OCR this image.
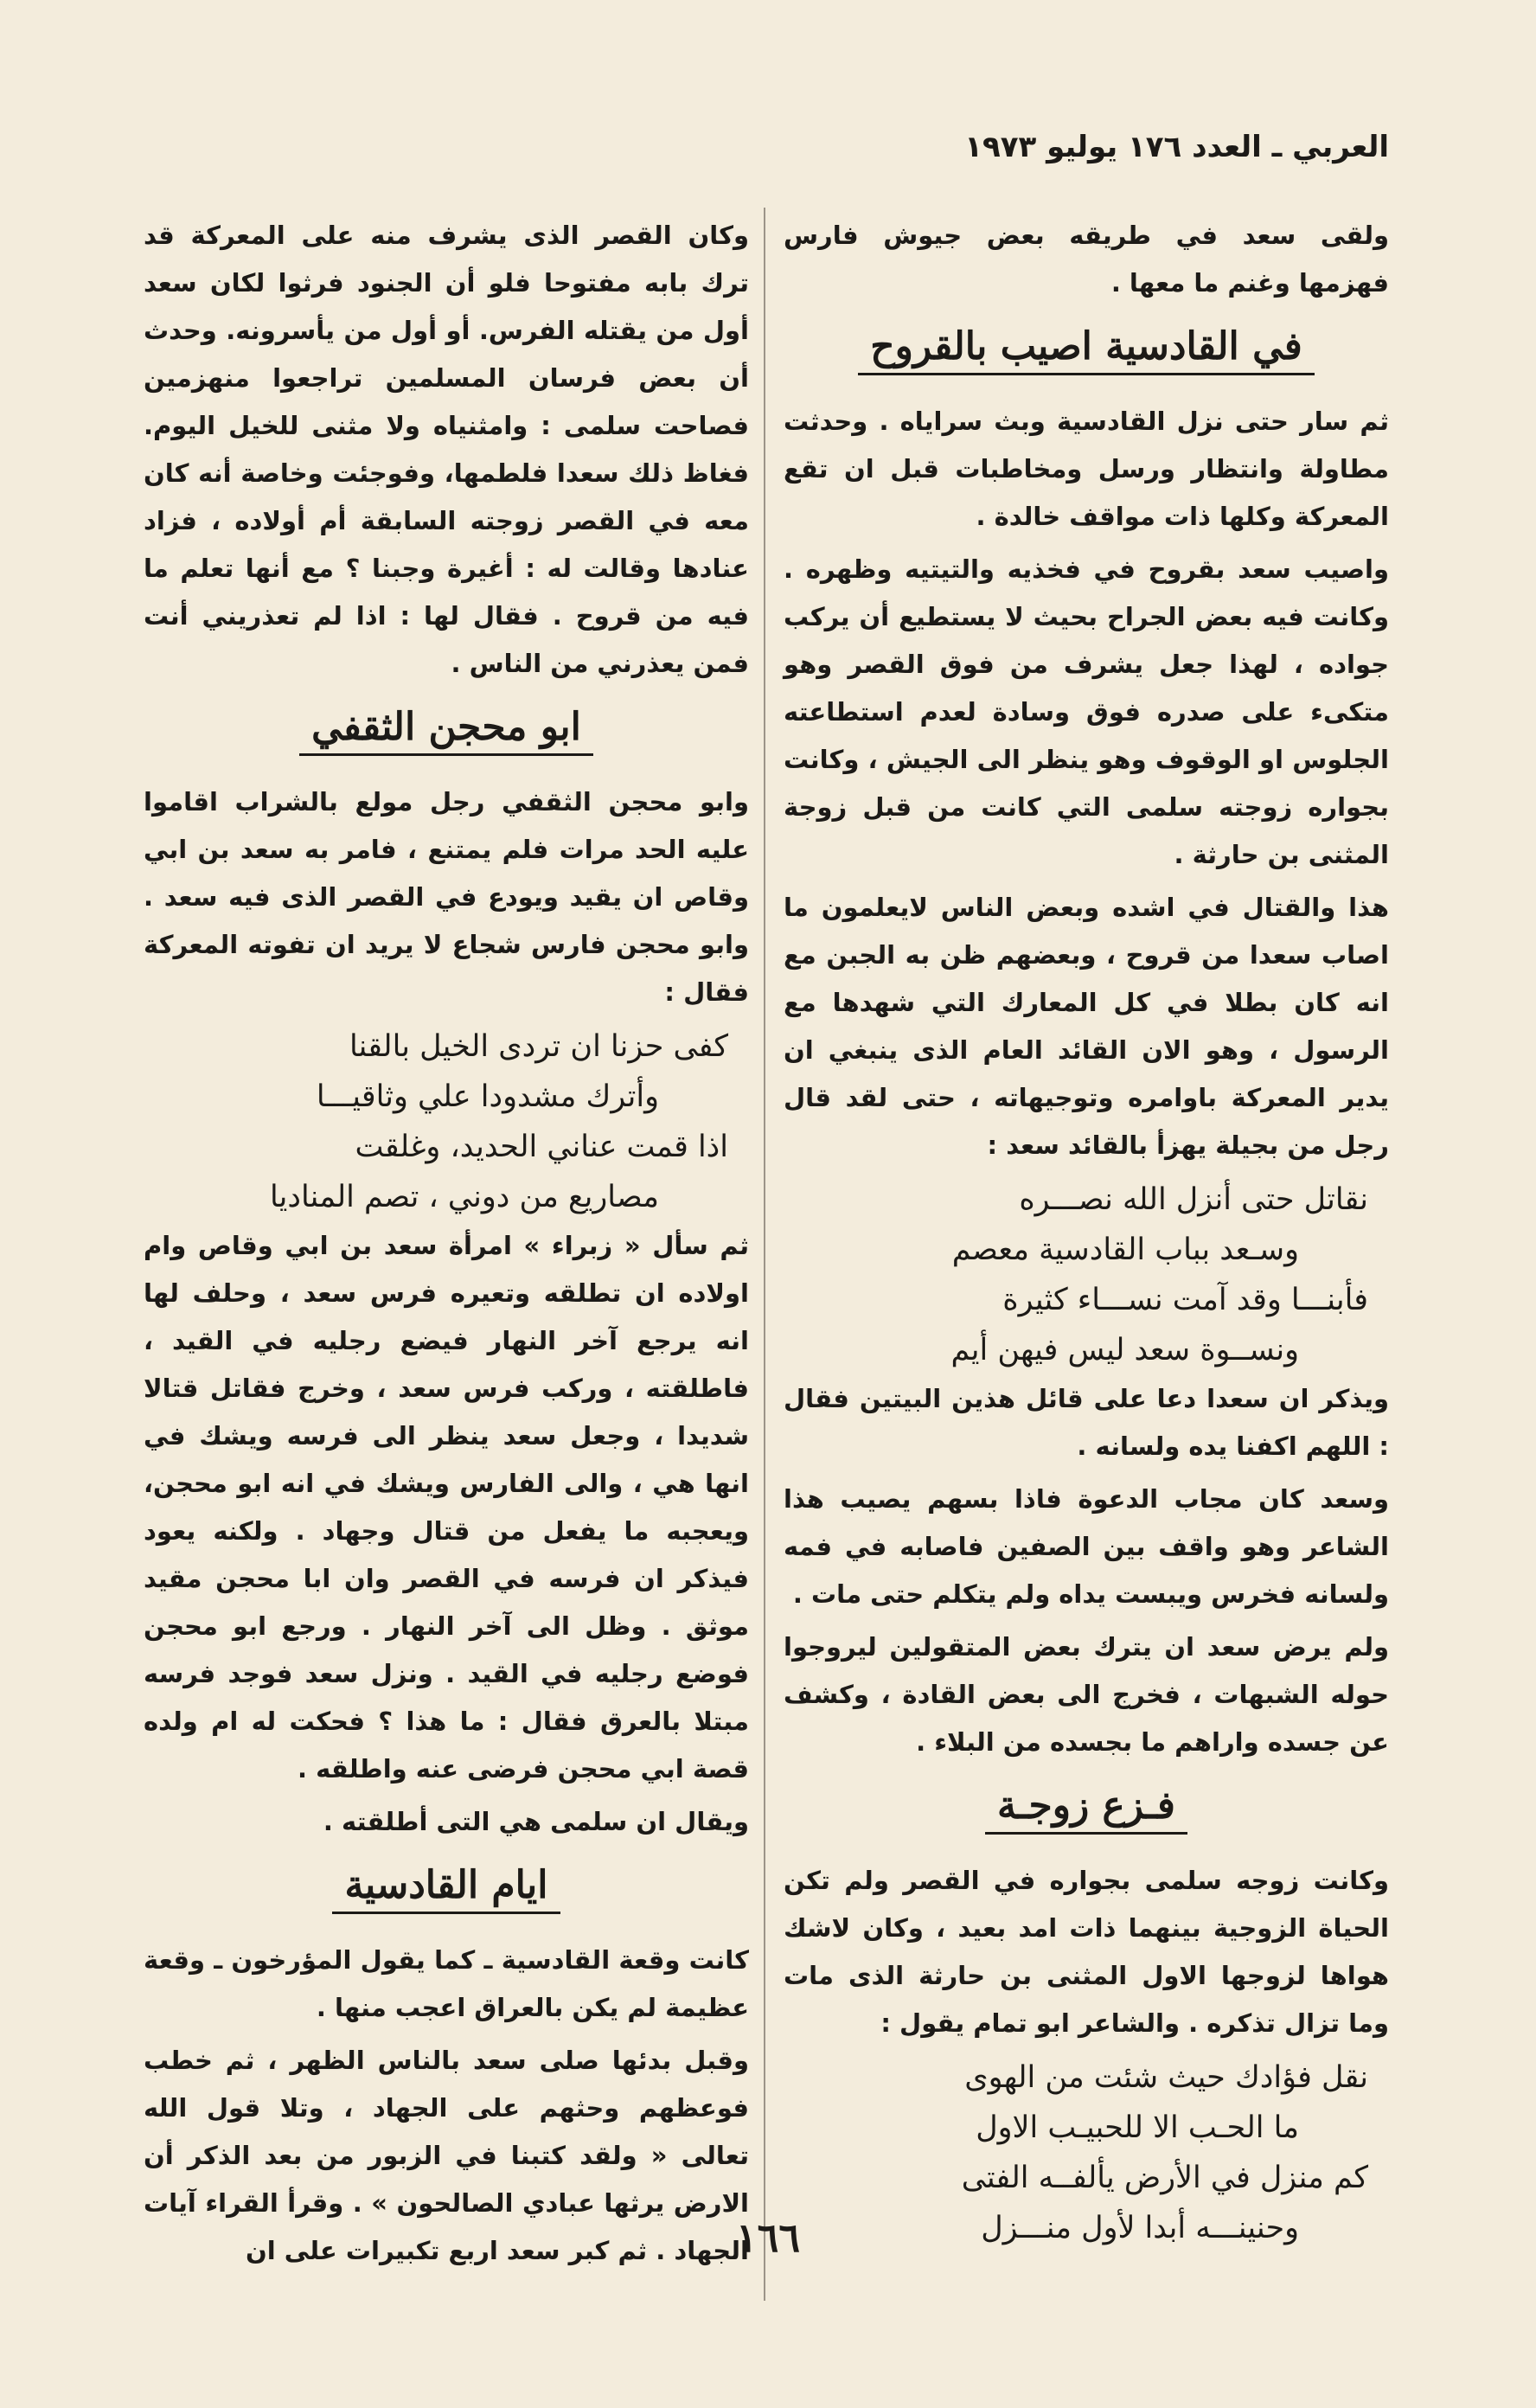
العربي ـ العدد ١٧٦ يوليو ١٩٧٣

ولقى سعد في طريقه بعض جيوش فارس فهزمها وغنم ما معها .

في القادسية اصيب بالقروح

ثم سار حتى نزل القادسية وبث سراياه . وحدثت مطاولة وانتظار ورسل ومخاطبات قبل ان تقع المعركة وكلها ذات مواقف خالدة .

واصيب سعد بقروح في فخذيه والتيتيه وظهره . وكانت فيه بعض الجراح بحيث لا يستطيع أن يركب جواده ، لهذا جعل يشرف من فوق القصر وهو متكىء على صدره فوق وسادة لعدم استطاعته الجلوس او الوقوف وهو ينظر الى الجيش ، وكانت بجواره زوجته سلمى التي كانت من قبل زوجة المثنى بن حارثة .

هذا والقتال في اشده وبعض الناس لايعلمون ما اصاب سعدا من قروح ، وبعضهم ظن به الجبن مع انه كان بطلا في كل المعارك التي شهدها مع الرسول ، وهو الان القائد العام الذى ينبغي ان يدير المعركة باوامره وتوجيهاته ، حتى لقد قال رجل من بجيلة يهزأ بالقائد سعد :

نقاتل حتى أنزل الله نصـــره
وسـعد بباب القادسية معصم
فأبنـــا وقد آمت نســـاء كثيرة
ونســوة سعد ليس فيهن أيم

ويذكر ان سعدا دعا على قائل هذين البيتين فقال : اللهم اكفنا يده ولسانه .

وسعد كان مجاب الدعوة فاذا بسهم يصيب هذا الشاعر وهو واقف بين الصفين فاصابه في فمه ولسانه فخرس ويبست يداه ولم يتكلم حتى مات .

ولم يرض سعد ان يترك بعض المتقولين ليروجوا حوله الشبهات ، فخرج الى بعض القادة ، وكشف عن جسده واراهم ما بجسده من البلاء .

فـزع زوجـة

وكانت زوجه سلمى بجواره في القصر ولم تكن الحياة الزوجية بينهما ذات امد بعيد ، وكان لاشك هواها لزوجها الاول المثنى بن حارثة الذى مات وما تزال تذكره . والشاعر ابو تمام يقول :

نقل فؤادك حيث شئت من الهوى
ما الحـب الا للحبيـب الاول
كم منزل في الأرض يألفــه الفتى
وحنينـــه أبدا لأول منـــزل

وكان القصر الذى يشرف منه على المعركة قد ترك بابه مفتوحا فلو أن الجنود فرثوا لكان سعد أول من يقتله الفرس. أو أول من يأسرونه. وحدث أن بعض فرسان المسلمين تراجعوا منهزمين فصاحت سلمى : وامثنياه ولا مثنى للخيل اليوم. فغاظ ذلك سعدا فلطمها، وفوجئت وخاصة أنه كان معه في القصر زوجته السابقة أم أولاده ، فزاد عنادها وقالت له : أغيرة وجبنا ؟ مع أنها تعلم ما فيه من قروح . فقال لها : اذا لم تعذريني أنت فمن يعذرني من الناس .

ابو محجن الثقفي

وابو محجن الثقفي رجل مولع بالشراب اقاموا عليه الحد مرات فلم يمتنع ، فامر به سعد بن ابي وقاص ان يقيد ويودع في القصر الذى فيه سعد . وابو محجن فارس شجاع لا يريد ان تفوته المعركة فقال :

كفى حزنا ان تردى الخيل بالقنا
وأترك مشدودا علي وثاقيـــا
اذا قمت عناني الحديد، وغلقت
مصاريع من دوني ، تصم المناديا

ثم سأل « زبراء » امرأة سعد بن ابي وقاص وام اولاده ان تطلقه وتعيره فرس سعد ، وحلف لها انه يرجع آخر النهار فيضع رجليه في القيد ، فاطلقته ، وركب فرس سعد ، وخرج فقاتل قتالا شديدا ، وجعل سعد ينظر الى فرسه ويشك في انها هي ، والى الفارس ويشك في انه ابو محجن، ويعجبه ما يفعل من قتال وجهاد . ولكنه يعود فيذكر ان فرسه في القصر وان ابا محجن مقيد موثق . وظل الى آخر النهار . ورجع ابو محجن فوضع رجليه في القيد . ونزل سعد فوجد فرسه مبتلا بالعرق فقال : ما هذا ؟ فحكت له ام ولده قصة ابي محجن فرضى عنه واطلقه .

ويقال ان سلمى هي التى أطلقته .

ايام القادسية

كانت وقعة القادسية ـ كما يقول المؤرخون ـ وقعة عظيمة لم يكن بالعراق اعجب منها .

وقبل بدئها صلى سعد بالناس الظهر ، ثم خطب فوعظهم وحثهم على الجهاد ، وتلا قول الله تعالى « ولقد كتبنا في الزبور من بعد الذكر أن الارض يرثها عبادي الصالحون » . وقرأ القراء آيات الجهاد . ثم كبر سعد اربع تكبيرات على ان

١٦٦
